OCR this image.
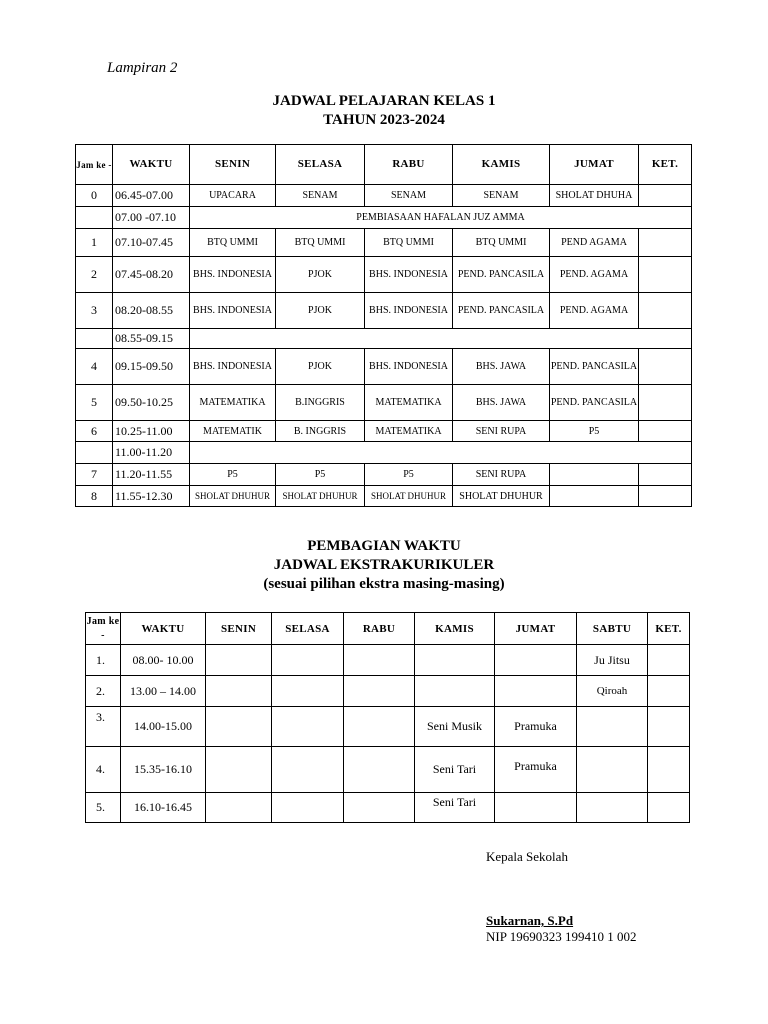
Lampiran 2
JADWAL PELAJARAN KELAS 1
TAHUN 2023-2024
Jam ke -	WAKTU	SENIN	SELASA	RABU	KAMIS	JUMAT	KET.
0	06.45-07.00	UPACARA	SENAM	SENAM	SENAM	SHOLAT DHUHA	
	07.00 -07.10	PEMBIASAAN HAFALAN JUZ AMMA					
1	07.10-07.45	BTQ UMMI	BTQ UMMI	BTQ UMMI	BTQ UMMI	PEND AGAMA	
2	07.45-08.20	BHS. INDONESIA	PJOK	BHS. INDONESIA	PEND. PANCASILA	PEND. AGAMA	
3	08.20-08.55	BHS. INDONESIA	PJOK	BHS. INDONESIA	PEND. PANCASILA	PEND. AGAMA	
	08.55-09.15						
4	09.15-09.50	BHS. INDONESIA	PJOK	BHS. INDONESIA	BHS. JAWA	PEND. PANCASILA	
5	09.50-10.25	MATEMATIKA	B.INGGRIS	MATEMATIKA	BHS. JAWA	PEND. PANCASILA	
6	10.25-11.00	MATEMATIK	B. INGGRIS	MATEMATIKA	SENI RUPA	P5	
	11.00-11.20						
7	11.20-11.55	P5	P5	P5	SENI RUPA		
8	11.55-12.30	SHOLAT DHUHUR	SHOLAT DHUHUR	SHOLAT DHUHUR	SHOLAT DHUHUR		
PEMBAGIAN WAKTU
JADWAL EKSTRAKURIKULER
(sesuai pilihan ekstra masing-masing)
Jam ke -	WAKTU	SENIN	SELASA	RABU	KAMIS	JUMAT	SABTU	KET.
1.	08.00- 10.00						Ju Jitsu	
2.	13.00 – 14.00						Qiroah	
3.	14.00-15.00				Seni Musik	Pramuka		
4.	15.35-16.10				Seni Tari	Pramuka		
5.	16.10-16.45				Seni Tari			
Kepala Sekolah
Sukarnan, S.Pd
NIP 19690323 199410 1 002
